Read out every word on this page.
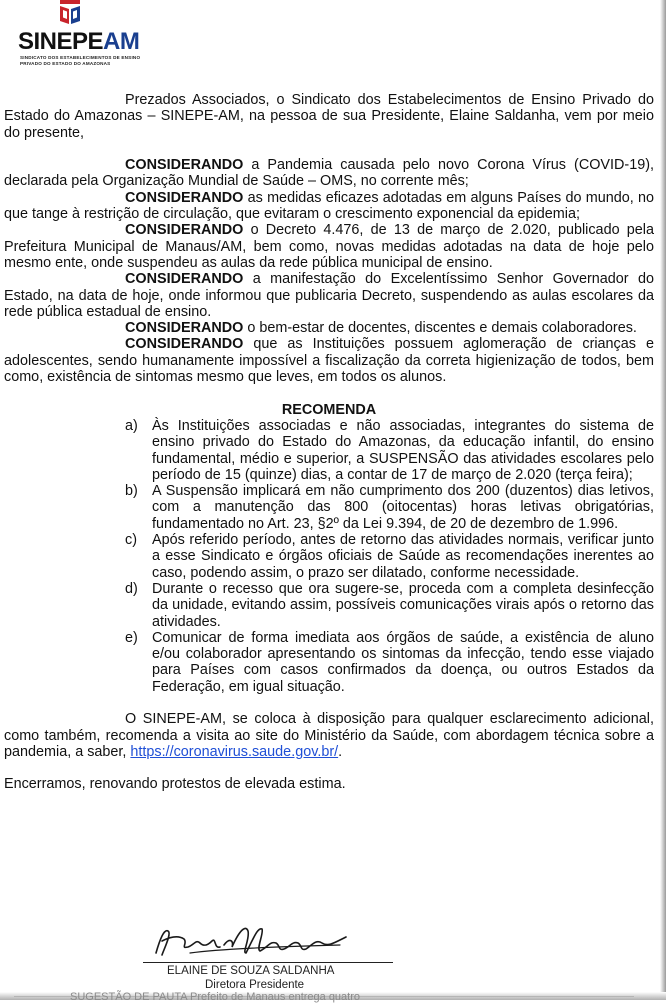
SINEPEAM
SINDICATO DOS ESTABELECIMENTOS DE ENSINO PRIVADO DO ESTADO DO AMAZONAS

Prezados Associados, o Sindicato dos Estabelecimentos de Ensino Privado do Estado do Amazonas – SINEPE-AM, na pessoa de sua Presidente, Elaine Saldanha, vem por meio do presente,

CONSIDERANDO a Pandemia causada pelo novo Corona Vírus (COVID-19), declarada pela Organização Mundial de Saúde – OMS, no corrente mês;

CONSIDERANDO as medidas eficazes adotadas em alguns Países do mundo, no que tange à restrição de circulação, que evitaram o crescimento exponencial da epidemia;

CONSIDERANDO o Decreto 4.476, de 13 de março de 2.020, publicado pela Prefeitura Municipal de Manaus/AM, bem como, novas medidas adotadas na data de hoje pelo mesmo ente, onde suspendeu as aulas da rede pública municipal de ensino.

CONSIDERANDO a manifestação do Excelentíssimo Senhor Governador do Estado, na data de hoje, onde informou que publicaria Decreto, suspendendo as aulas escolares da rede pública estadual de ensino.

CONSIDERANDO o bem-estar de docentes, discentes e demais colaboradores.

CONSIDERANDO que as Instituições possuem aglomeração de crianças e adolescentes, sendo humanamente impossível a fiscalização da correta higienização de todos, bem como, existência de sintomas mesmo que leves, em todos os alunos.

RECOMENDA

a) Às Instituições associadas e não associadas, integrantes do sistema de ensino privado do Estado do Amazonas, da educação infantil, do ensino fundamental, médio e superior, a SUSPENSÃO das atividades escolares pelo período de 15 (quinze) dias, a contar de 17 de março de 2.020 (terça feira);
b) A Suspensão implicará em não cumprimento dos 200 (duzentos) dias letivos, com a manutenção das 800 (oitocentas) horas letivas obrigatórias, fundamentado no Art. 23, §2º da Lei 9.394, de 20 de dezembro de 1.996.
c) Após referido período, antes de retorno das atividades normais, verificar junto a esse Sindicato e órgãos oficiais de Saúde as recomendações inerentes ao caso, podendo assim, o prazo ser dilatado, conforme necessidade.
d) Durante o recesso que ora sugere-se, proceda com a completa desinfecção da unidade, evitando assim, possíveis comunicações virais após o retorno das atividades.
e) Comunicar de forma imediata aos órgãos de saúde, a existência de aluno e/ou colaborador apresentando os sintomas da infecção, tendo esse viajado para Países com casos confirmados da doença, ou outros Estados da Federação, em igual situação.

O SINEPE-AM, se coloca à disposição para qualquer esclarecimento adicional, como também, recomenda a visita ao site do Ministério da Saúde, com abordagem técnica sobre a pandemia, a saber, https://coronavirus.saude.gov.br/.

Encerramos, renovando protestos de elevada estima.

ELAINE DE SOUZA SALDANHA
Diretora Presidente
SUGESTÃO DE PAUTA Prefeito de Manaus entrega quatro
